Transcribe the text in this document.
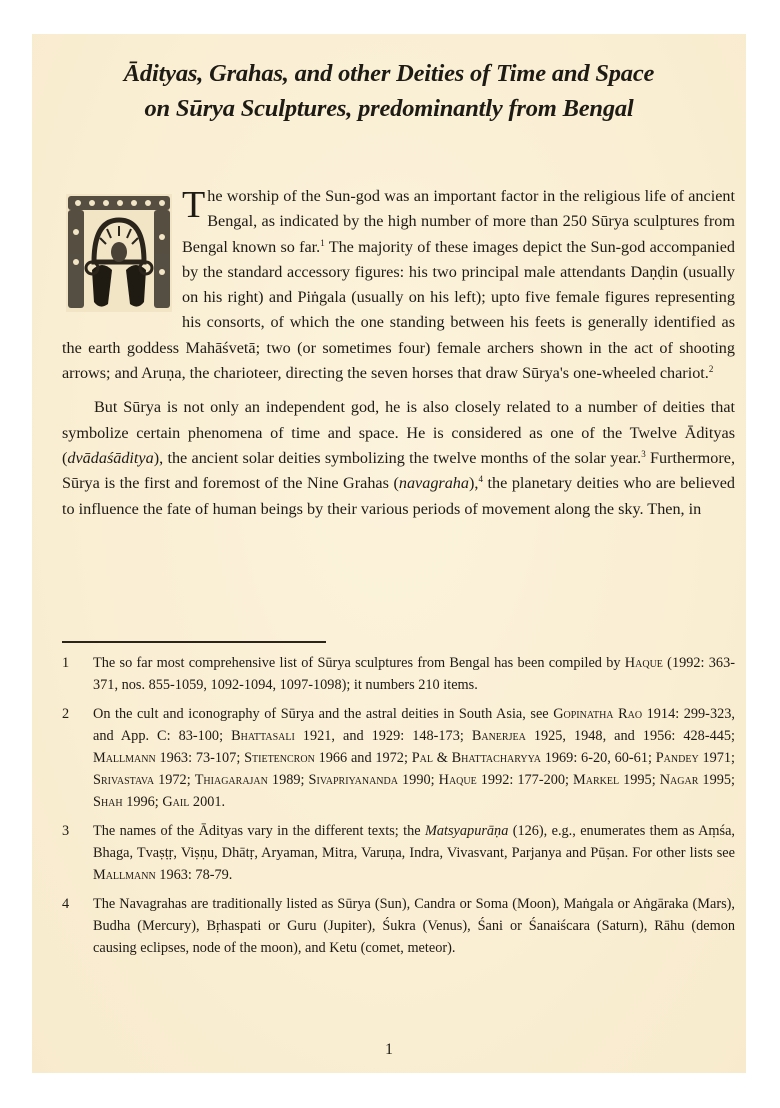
Ādityas, Grahas, and other Deities of Time and Space
on Sūrya Sculptures, predominantly from Bengal

The worship of the Sun-god was an important factor in the religious life of ancient Bengal, as indicated by the high number of more than 250 Sūrya sculptures from Bengal known so far.$^1$ The majority of these images depict the Sun-god accompanied by the standard accessory figures: his two principal male attendants Daṇḍin (usually on his right) and Piṅgala (usually on his left); upto five female figures representing his consorts, of which the one standing between his feets is generally identified as the earth goddess Mahāśvetā; two (or sometimes four) female archers shown in the act of shooting arrows; and Aruṇa, the charioteer, directing the seven horses that draw Sūrya's one-wheeled chariot.$^2$

But Sūrya is not only an independent god, he is also closely related to a number of deities that symbolize certain phenomena of time and space. He is considered as one of the Twelve Ādityas (dvādaśāditya), the ancient solar deities symbolizing the twelve months of the solar year.$^3$ Furthermore, Sūrya is the first and foremost of the Nine Grahas (navagraha),$^4$ the planetary deities who are believed to influence the fate of human beings by their various periods of movement along the sky. Then, in

1	The so far most comprehensive list of Sūrya sculptures from Bengal has been compiled by Haque (1992: 363-371, nos. 855-1059, 1092-1094, 1097-1098); it numbers 210 items.
2	On the cult and iconography of Sūrya and the astral deities in South Asia, see Gopinatha Rao 1914: 299-323, and App. C: 83-100; Bhattasali 1921, and 1929: 148-173; Banerjea 1925, 1948, and 1956: 428-445; Mallmann 1963: 73-107; Stietencron 1966 and 1972; Pal & Bhattacharyya 1969: 6-20, 60-61; Pandey 1971; Srivastava 1972; Thiagarajan 1989; Sivapriyananda 1990; Haque 1992: 177-200; Markel 1995; Nagar 1995; Shah 1996; Gail 2001.
3	The names of the Ādityas vary in the different texts; the Matsyapurāṇa (126), e.g., enumerates them as Aṃśa, Bhaga, Tvaṣṭṛ, Viṣṇu, Dhātṛ, Aryaman, Mitra, Varuṇa, Indra, Vivasvant, Parjanya and Pūṣan. For other lists see Mallmann 1963: 78-79.
4	The Navagrahas are traditionally listed as Sūrya (Sun), Candra or Soma (Moon), Maṅgala or Aṅgāraka (Mars), Budha (Mercury), Bṛhaspati or Guru (Jupiter), Śukra (Venus), Śani or Śanaiścara (Saturn), Rāhu (demon causing eclipses, node of the moon), and Ketu (comet, meteor).
1
